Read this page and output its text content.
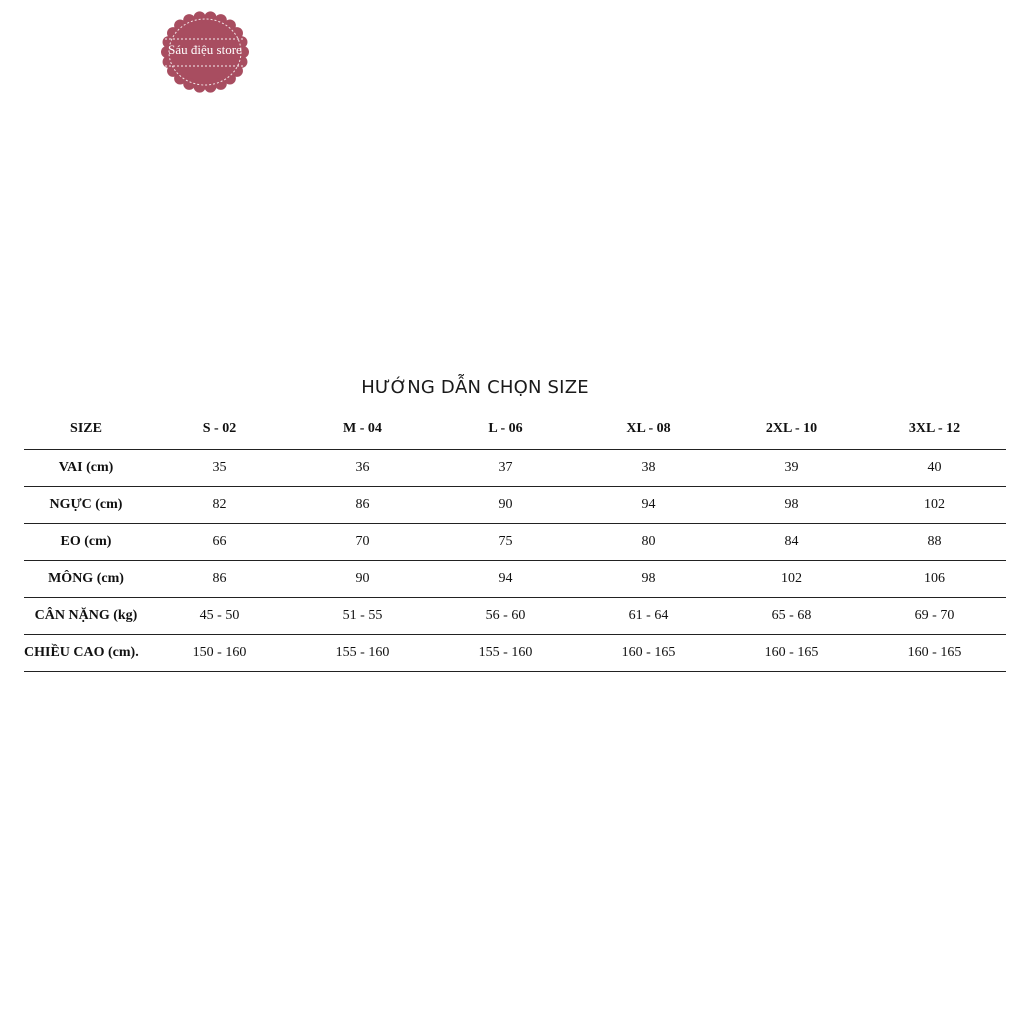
Sáu điệu store
HƯỚNG DẪN CHỌN SIZE
SIZE	S - 02	M - 04	L - 06	XL - 08	2XL - 10	3XL - 12
VAI (cm)	35	36	37	38	39	40
NGỰC (cm)	82	86	90	94	98	102
EO (cm)	66	70	75	80	84	88
MÔNG (cm)	86	90	94	98	102	106
CÂN NẶNG (kg)	45 - 50	51 - 55	56 - 60	61 - 64	65 - 68	69 - 70
CHIỀU CAO (cm).	150 - 160	155 - 160	155 - 160	160 - 165	160 - 165	160 - 165
